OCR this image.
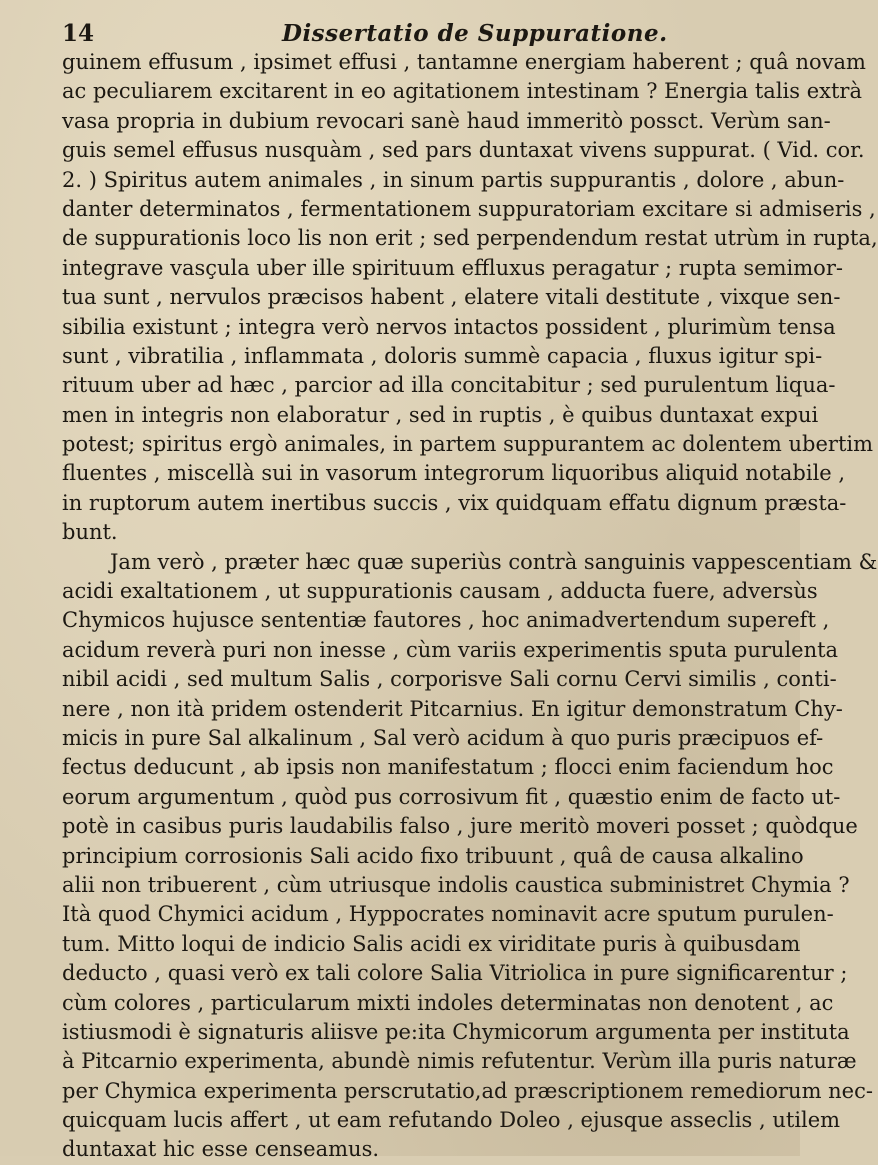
14	Dissertatio de Suppuratione.
guinem effusum , ipsimet effusi , tantamne energiam haberent ; quâ novam
ac peculiarem excitarent in eo agitationem intestinam ? Energia talis extrà
vasa propria in dubium revocari sanè haud immeritò possct. Verùm san-
guis semel effusus nusquàm , sed pars duntaxat vivens suppurat. ( Vid. cor.
2. ) Spiritus autem animales , in sinum partis suppurantis , dolore , abun-
danter determinatos , fermentationem suppuratoriam excitare si admiseris ,
de suppurationis loco lis non erit ; sed perpendendum restat utrùm in rupta,
integrave vasçula uber ille spirituum effluxus peragatur ; rupta semimor-
tua sunt , nervulos præcisos habent , elatere vitali destitute , vixque sen-
sibilia existunt ; integra verò nervos intactos possident , plurimùm tensa
sunt , vibratilia , inflammata , doloris summè capacia , fluxus igitur spi-
rituum uber ad hæc , parcior ad illa concitabitur ; sed purulentum liqua-
men in integris non elaboratur , sed in ruptis , è quibus duntaxat expui
potest; spiritus ergò animales, in partem suppurantem ac dolentem ubertim
fluentes , miscellà sui in vasorum integrorum liquoribus aliquid notabile ,
in ruptorum autem inertibus succis , vix quidquam effatu dignum præsta-
bunt.
Jam verò , præter hæc quæ superiùs contrà sanguinis vappescentiam &
acidi exaltationem , ut suppurationis causam , adducta fuere, adversùs
Chymicos hujusce sententiæ fautores , hoc animadvertendum supereft ,
acidum reverà puri non inesse , cùm variis experimentis sputa purulenta
nibil acidi , sed multum Salis , corporisve Sali cornu Cervi similis , conti-
nere , non ità pridem ostenderit Pitcarnius. En igitur demonstratum Chy-
micis in pure Sal alkalinum , Sal verò acidum à quo puris præcipuos ef-
fectus deducunt , ab ipsis non manifestatum ; flocci enim faciendum hoc
eorum argumentum , quòd pus corrosivum fit , quæstio enim de facto ut-
potè in casibus puris laudabilis falso , jure meritò moveri posset ; quòdque
principium corrosionis Sali acido fixo tribuunt , quâ de causa alkalino
alii non tribuerent , cùm utriusque indolis caustica subministret Chymia ?
Ità quod Chymici acidum , Hyppocrates nominavit acre sputum purulen-
tum. Mitto loqui de indicio Salis acidi ex viriditate puris à quibusdam
deducto , quasi verò ex tali colore Salia Vitriolica in pure significarentur ;
cùm colores , particularum mixti indoles determinatas non denotent , ac
istiusmodi è signaturis aliisve pe:ita Chymicorum argumenta per instituta
à Pitcarnio experimenta, abundè nimis refutentur. Verùm illa puris naturæ
per Chymica experimenta perscrutatio,ad præscriptionem remediorum nec-
quicquam lucis affert , ut eam refutando Doleo , ejusque asseclis , utilem
duntaxat hic esse censeamus.
